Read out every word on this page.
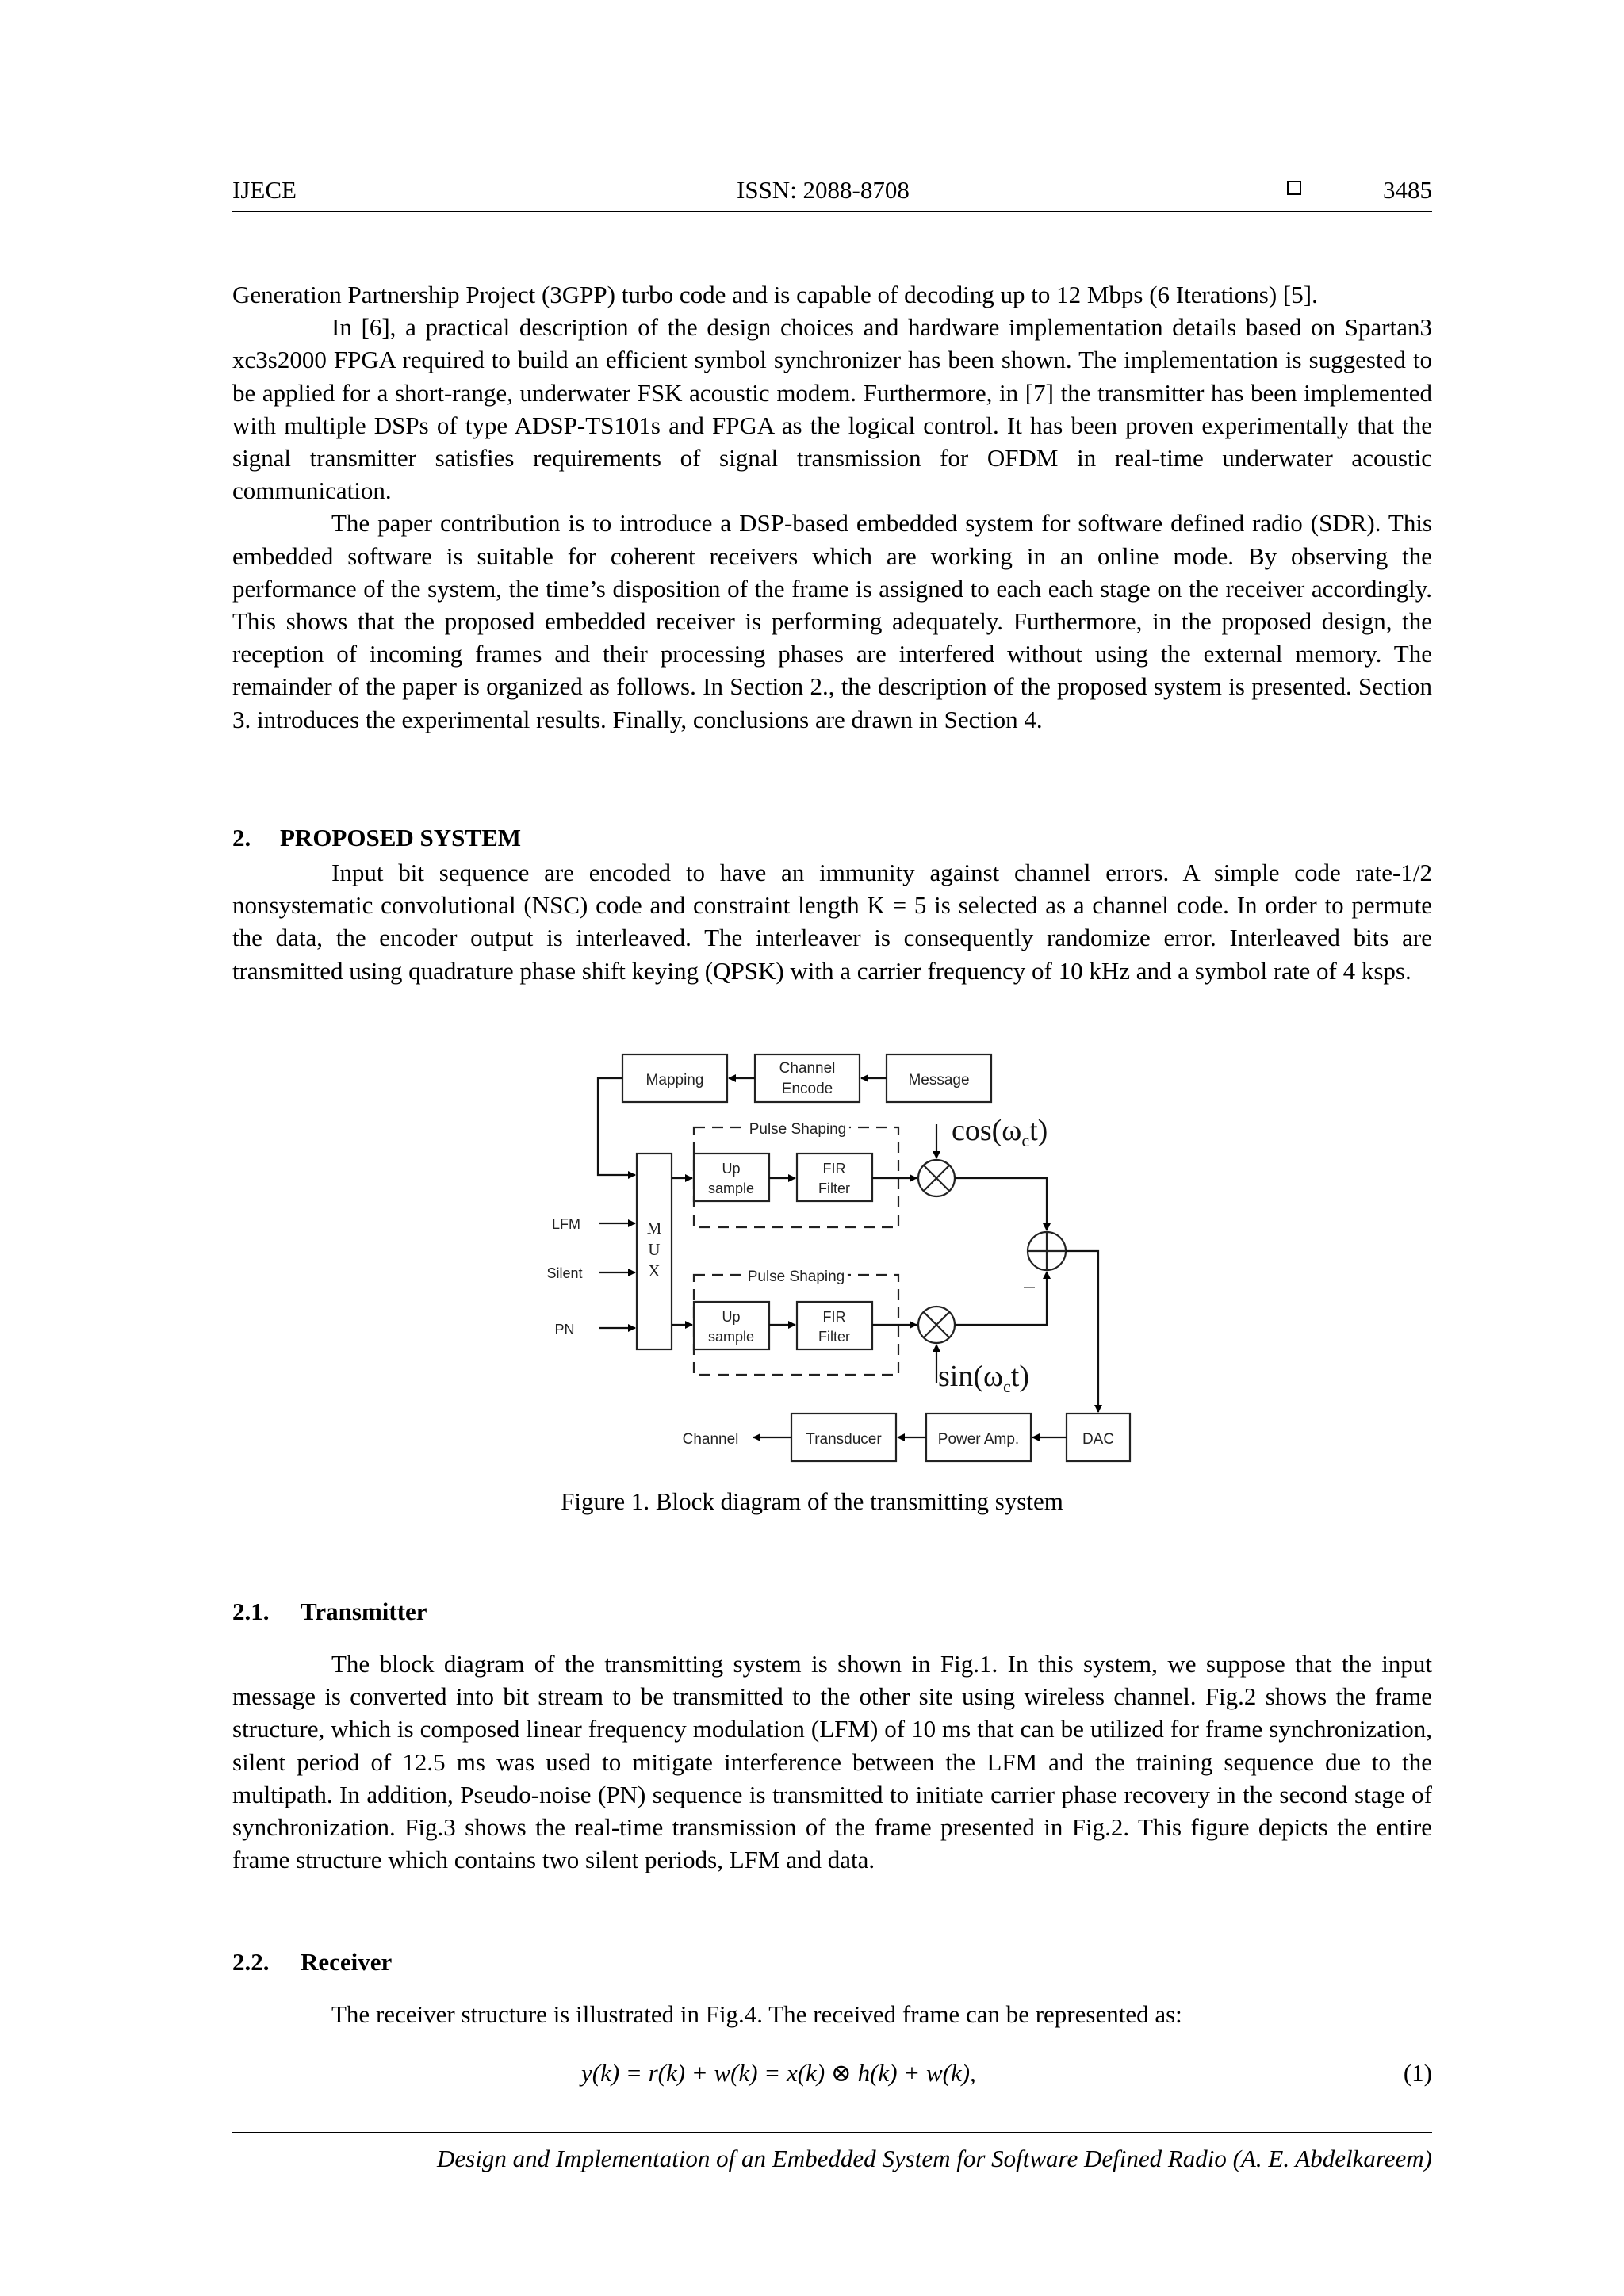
IJECE	ISSN: 2088-8708	3485

Generation Partnership Project (3GPP) turbo code and is capable of decoding up to 12 Mbps (6 Iterations) [5].

In [6], a practical description of the design choices and hardware implementation details based on Spartan3 xc3s2000 FPGA required to build an efficient symbol synchronizer has been shown. The implementation is suggested to be applied for a short-range, underwater FSK acoustic modem. Furthermore, in [7] the transmitter has been implemented with multiple DSPs of type ADSP-TS101s and FPGA as the logical control. It has been proven experimentally that the signal transmitter satisfies requirements of signal transmission for OFDM in real-time underwater acoustic communication.

The paper contribution is to introduce a DSP-based embedded system for software defined radio (SDR). This embedded software is suitable for coherent receivers which are working in an online mode. By observing the performance of the system, the time’s disposition of the frame is assigned to each each stage on the receiver accordingly. This shows that the proposed embedded receiver is performing adequately. Furthermore, in the proposed design, the reception of incoming frames and their processing phases are interfered without using the external memory. The remainder of the paper is organized as follows. In Section 2., the description of the proposed system is presented. Section 3. introduces the experimental results. Finally, conclusions are drawn in Section 4.

2. PROPOSED SYSTEM

Input bit sequence are encoded to have an immunity against channel errors. A simple code rate-1/2 nonsystematic convolutional (NSC) code and constraint length K = 5 is selected as a channel code. In order to permute the data, the encoder output is interleaved. The interleaver is consequently randomize error. Interleaved bits are transmitted using quadrature phase shift keying (QPSK) with a carrier frequency of 10 kHz and a symbol rate of 4 ksps.

Mapping
Channel
Encode
Message
Pulse Shaping
Pulse Shaping
Up
sample
FIR
Filter
Up
sample
FIR
Filter
LFM
Silent
PN
M
U
X	_
Channel	Transducer	Power Amp.	DAC
$\cos(\omega_ct)$
$\sin(\omega_ct)$
Figure 1. Block diagram of the transmitting system
2.1. Transmitter

The block diagram of the transmitting system is shown in Fig.1. In this system, we suppose that the input message is converted into bit stream to be transmitted to the other site using wireless channel. Fig.2 shows the frame structure, which is composed linear frequency modulation (LFM) of 10 ms that can be utilized for frame synchronization, silent period of 12.5 ms was used to mitigate interference between the LFM and the training sequence due to the multipath. In addition, Pseudo-noise (PN) sequence is transmitted to initiate carrier phase recovery in the second stage of synchronization. Fig.3 shows the real-time transmission of the frame presented in Fig.2. This figure depicts the entire frame structure which contains two silent periods, LFM and data.

2.2. Receiver

The receiver structure is illustrated in Fig.4. The received frame can be represented as:

y(k) = r(k) + w(k) = x(k) ⊗ h(k) + w(k),	(1)
Design and Implementation of an Embedded System for Software Defined Radio (A. E. Abdelkareem)
